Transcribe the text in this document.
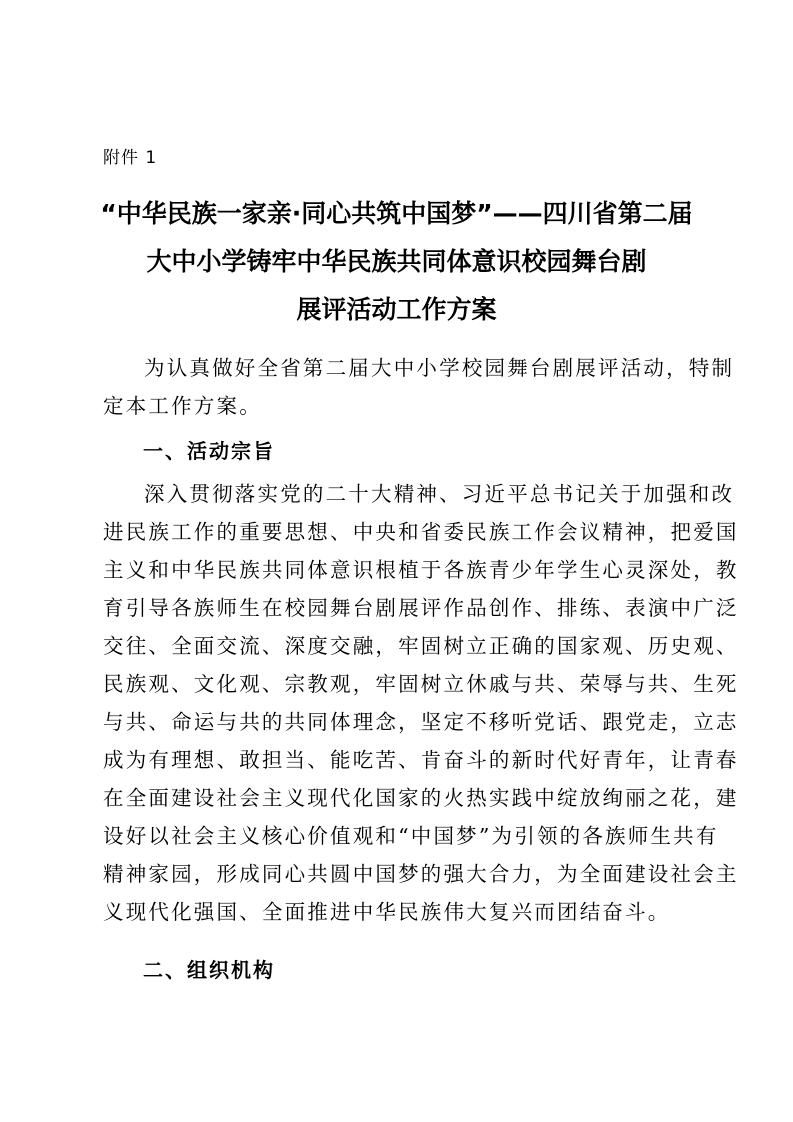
附件 1
“中华民族一家亲·同心共筑中国梦”——四川省第二届
大中小学铸牢中华民族共同体意识校园舞台剧
展评活动工作方案
为认真做好全省第二届大中小学校园舞台剧展评活动，特制
定本工作方案。
一、活动宗旨
深入贯彻落实党的二十大精神、习近平总书记关于加强和改
进民族工作的重要思想、中央和省委民族工作会议精神，把爱国
主义和中华民族共同体意识根植于各族青少年学生心灵深处，教
育引导各族师生在校园舞台剧展评作品创作、排练、表演中广泛
交往、全面交流、深度交融，牢固树立正确的国家观、历史观、
民族观、文化观、宗教观，牢固树立休戚与共、荣辱与共、生死
与共、命运与共的共同体理念，坚定不移听党话、跟党走，立志
成为有理想、敢担当、能吃苦、肯奋斗的新时代好青年，让青春
在全面建设社会主义现代化国家的火热实践中绽放绚丽之花，建
设好以社会主义核心价值观和“中国梦”为引领的各族师生共有
精神家园，形成同心共圆中国梦的强大合力，为全面建设社会主
义现代化强国、全面推进中华民族伟大复兴而团结奋斗。
二、组织机构
